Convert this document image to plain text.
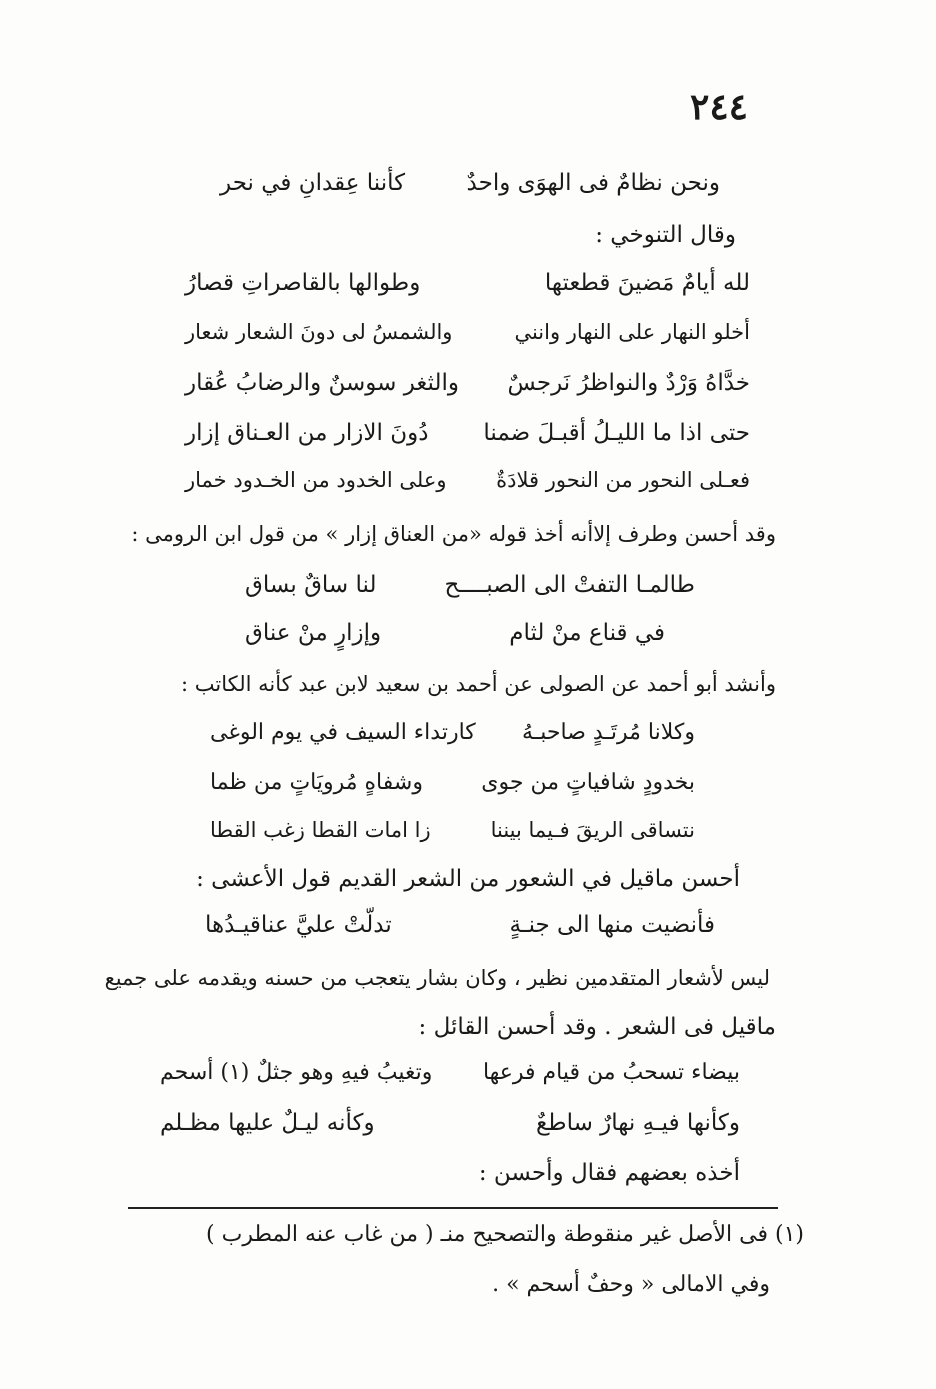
٢٤٤
ونحن نظامٌ فى الهوَى واحدٌ
كأننا عِقدانِ في نحر
وقال التنوخي :
لله أيامٌ مَضينَ قطعتها
وطوالها بالقاصراتِ قصارُ
أخلو النهار على النهار وانني
والشمسُ لى دونَ الشعار شعار
خدَّاهُ وَرْدٌ والنواظرُ نَرجسٌ
والثغر سوسنٌ والرضابُ عُقار
حتى اذا ما الليـلُ أقبـلَ ضمنا
دُونَ الازار من العـناق إزار
فعـلى النحور من النحور قلادَةٌ
وعلى الخدود من الخـدود خمار
وقد أحسن وطرف إلاأنه أخذ قوله «من العناق إزار » من قول ابن الرومى :
طالمـا التفتْ الى الصبــــح
لنا ساقٌ بساق
في قناع منْ لثام
وإزارٍ منْ عناق
وأنشد أبو أحمد عن الصولى عن أحمد بن سعيد لابن عبد كأنه الكاتب :
وكلانا مُرتَـدٍ صاحبـهُ
كارتداء السيف في يوم الوغى
بخدودٍ شافياتٍ من جوى
وشفاهٍ مُرويَاتٍ من ظما
نتساقى الريقَ فـيما بيننا
زا امات القطا زغب القطا
أحسن ماقيل في الشعور من الشعر القديم قول الأعشى :
فأنضيت منها الى جنـةٍ
تدلّتْ عليَّ عناقيـدُها
ليس لأشعار المتقدمين نظير ، وكان بشار يتعجب من حسنه ويقدمه على جميع
ماقيل فى الشعر . وقد أحسن القائل :
بيضاء تسحبُ من قيام فرعها
وتغيبُ فيهِ وهو جثلٌ (١) أسحم
وكأنها فيـهِ نهارٌ ساطعٌ
وكأنه ليـلٌ عليها مظـلم
أخذه بعضهم فقال وأحسن :
(١) فى الأصل غير منقوطة والتصحيح منـ ( من غاب عنه المطرب )
وفي الامالى « وحفٌ أسحم » .
